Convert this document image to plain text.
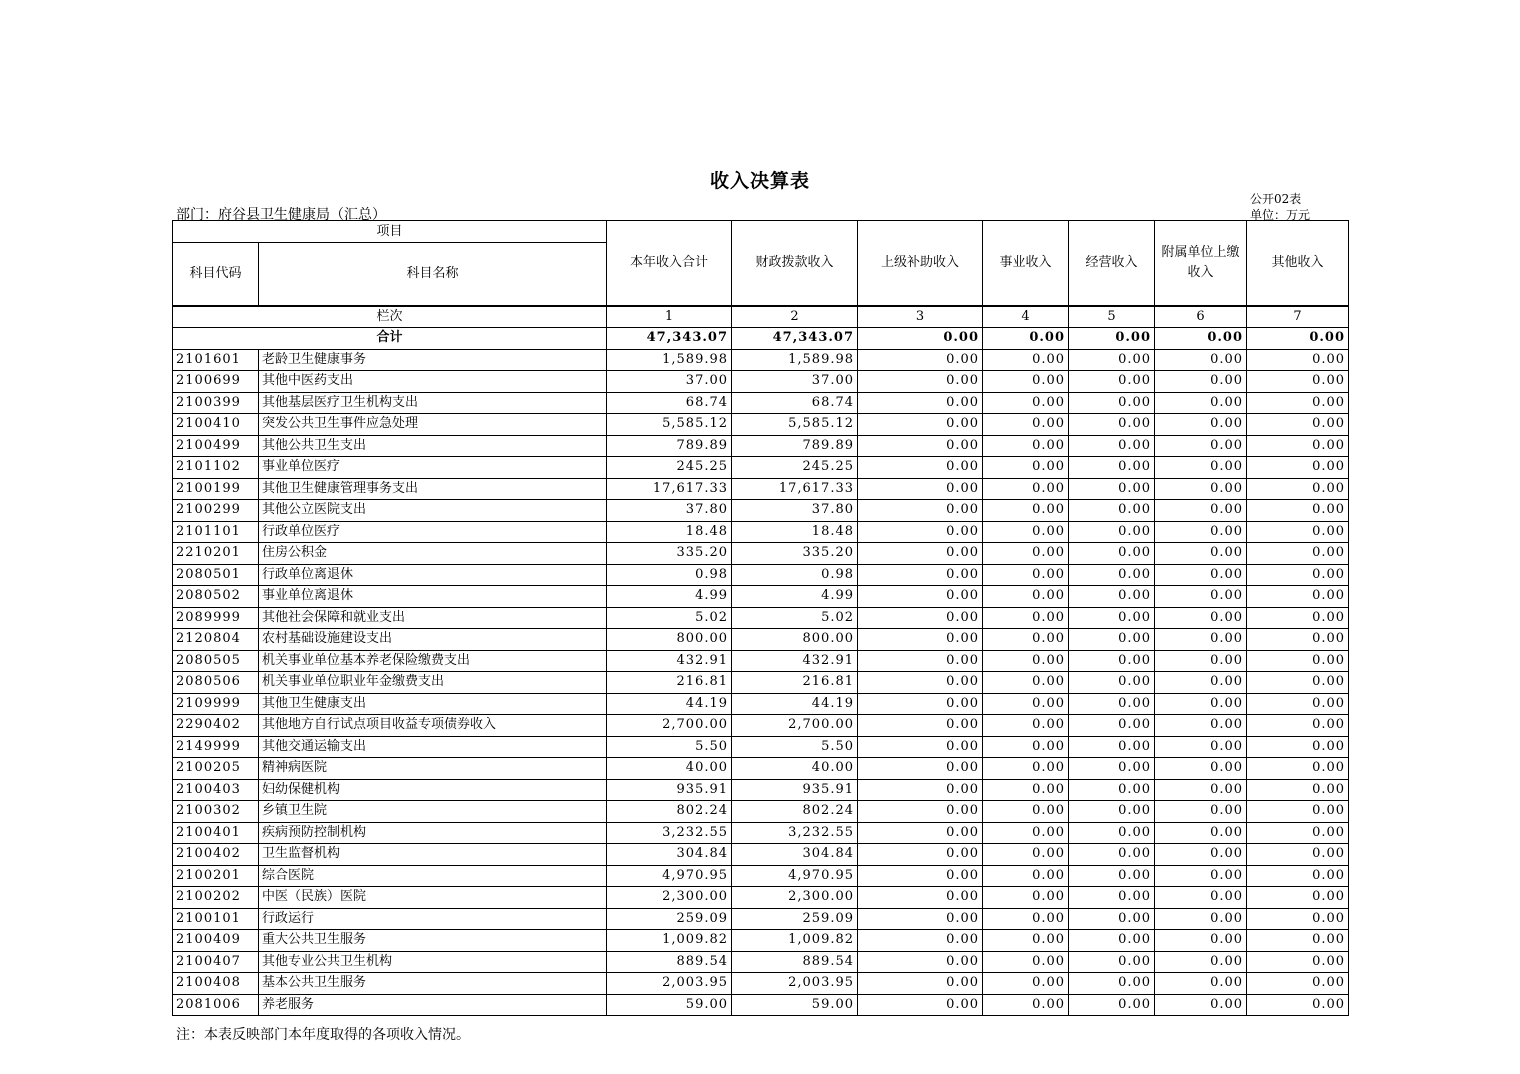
收入决算表
部门：府谷县卫生健康局（汇总）
公开02表
单位：万元
项目		本年收入合计	财政拨款收入	上级补助收入	事业收入	经营收入	附属单位上缴收入	其他收入
科目代码	科目名称							
栏次		1	2	3	4	5	6	7
合计		47,343.07	47,343.07	0.00	0.00	0.00	0.00	0.00
2101601	老龄卫生健康事务	1,589.98	1,589.98	0.00	0.00	0.00	0.00	0.00
2100699	其他中医药支出	37.00	37.00	0.00	0.00	0.00	0.00	0.00
2100399	其他基层医疗卫生机构支出	68.74	68.74	0.00	0.00	0.00	0.00	0.00
2100410	突发公共卫生事件应急处理	5,585.12	5,585.12	0.00	0.00	0.00	0.00	0.00
2100499	其他公共卫生支出	789.89	789.89	0.00	0.00	0.00	0.00	0.00
2101102	事业单位医疗	245.25	245.25	0.00	0.00	0.00	0.00	0.00
2100199	其他卫生健康管理事务支出	17,617.33	17,617.33	0.00	0.00	0.00	0.00	0.00
2100299	其他公立医院支出	37.80	37.80	0.00	0.00	0.00	0.00	0.00
2101101	行政单位医疗	18.48	18.48	0.00	0.00	0.00	0.00	0.00
2210201	住房公积金	335.20	335.20	0.00	0.00	0.00	0.00	0.00
2080501	行政单位离退休	0.98	0.98	0.00	0.00	0.00	0.00	0.00
2080502	事业单位离退休	4.99	4.99	0.00	0.00	0.00	0.00	0.00
2089999	其他社会保障和就业支出	5.02	5.02	0.00	0.00	0.00	0.00	0.00
2120804	农村基础设施建设支出	800.00	800.00	0.00	0.00	0.00	0.00	0.00
2080505	机关事业单位基本养老保险缴费支出	432.91	432.91	0.00	0.00	0.00	0.00	0.00
2080506	机关事业单位职业年金缴费支出	216.81	216.81	0.00	0.00	0.00	0.00	0.00
2109999	其他卫生健康支出	44.19	44.19	0.00	0.00	0.00	0.00	0.00
2290402	其他地方自行试点项目收益专项债券收入	2,700.00	2,700.00	0.00	0.00	0.00	0.00	0.00
2149999	其他交通运输支出	5.50	5.50	0.00	0.00	0.00	0.00	0.00
2100205	精神病医院	40.00	40.00	0.00	0.00	0.00	0.00	0.00
2100403	妇幼保健机构	935.91	935.91	0.00	0.00	0.00	0.00	0.00
2100302	乡镇卫生院	802.24	802.24	0.00	0.00	0.00	0.00	0.00
2100401	疾病预防控制机构	3,232.55	3,232.55	0.00	0.00	0.00	0.00	0.00
2100402	卫生监督机构	304.84	304.84	0.00	0.00	0.00	0.00	0.00
2100201	综合医院	4,970.95	4,970.95	0.00	0.00	0.00	0.00	0.00
2100202	中医（民族）医院	2,300.00	2,300.00	0.00	0.00	0.00	0.00	0.00
2100101	行政运行	259.09	259.09	0.00	0.00	0.00	0.00	0.00
2100409	重大公共卫生服务	1,009.82	1,009.82	0.00	0.00	0.00	0.00	0.00
2100407	其他专业公共卫生机构	889.54	889.54	0.00	0.00	0.00	0.00	0.00
2100408	基本公共卫生服务	2,003.95	2,003.95	0.00	0.00	0.00	0.00	0.00
2081006	养老服务	59.00	59.00	0.00	0.00	0.00	0.00	0.00
注：本表反映部门本年度取得的各项收入情况。
